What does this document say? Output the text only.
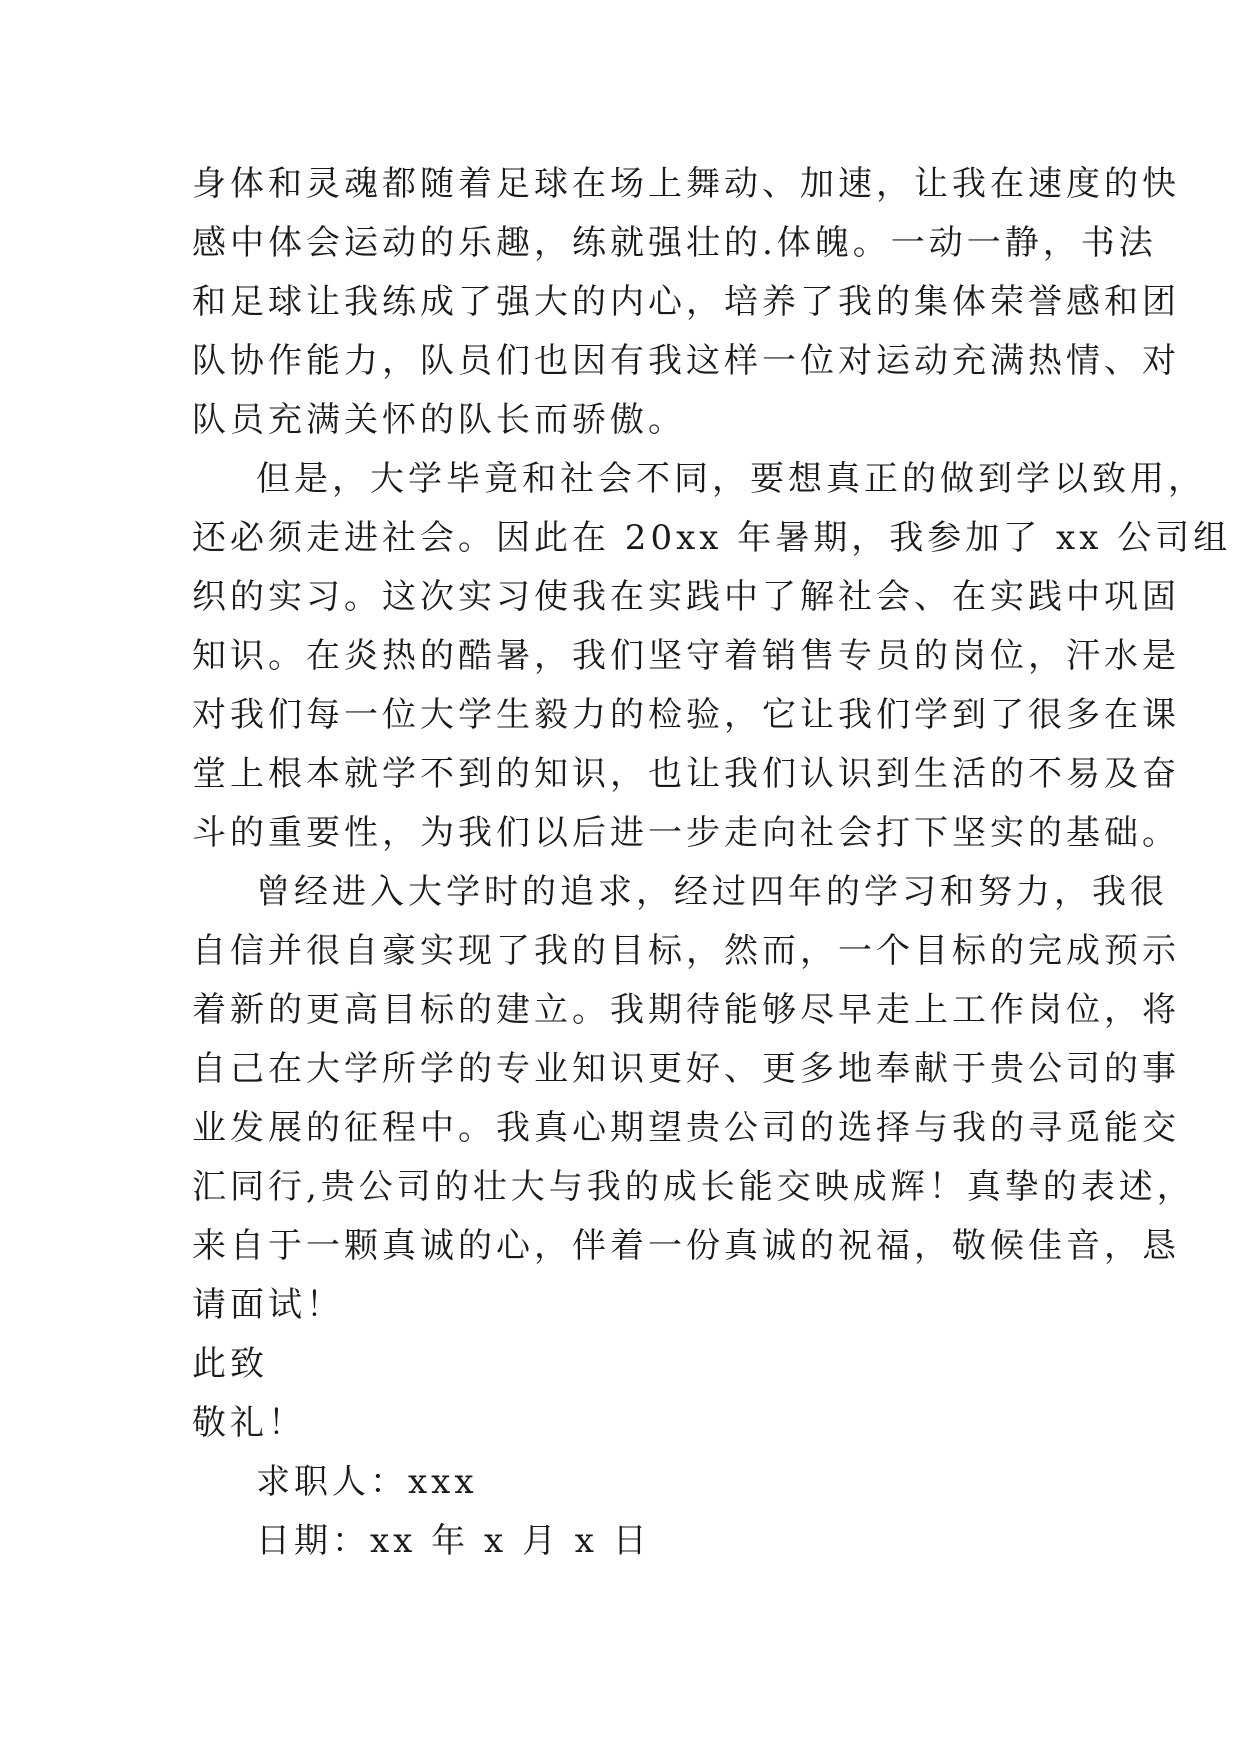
身体和灵魂都随着足球在场上舞动、加速，让我在速度的快
感中体会运动的乐趣，练就强壮的.体魄。一动一静，书法
和足球让我练成了强大的内心，培养了我的集体荣誉感和团
队协作能力，队员们也因有我这样一位对运动充满热情、对
队员充满关怀的队长而骄傲。
但是，大学毕竟和社会不同，要想真正的做到学以致用，
还必须走进社会。因此在 20xx 年暑期，我参加了 xx 公司组
织的实习。这次实习使我在实践中了解社会、在实践中巩固
知识。在炎热的酷暑，我们坚守着销售专员的岗位，汗水是
对我们每一位大学生毅力的检验，它让我们学到了很多在课
堂上根本就学不到的知识，也让我们认识到生活的不易及奋
斗的重要性，为我们以后进一步走向社会打下坚实的基础。
曾经进入大学时的追求，经过四年的学习和努力，我很
自信并很自豪实现了我的目标，然而，一个目标的完成预示
着新的更高目标的建立。我期待能够尽早走上工作岗位，将
自己在大学所学的专业知识更好、更多地奉献于贵公司的事
业发展的征程中。我真心期望贵公司的选择与我的寻觅能交
汇同行,贵公司的壮大与我的成长能交映成辉！真挚的表述，
来自于一颗真诚的心，伴着一份真诚的祝福，敬候佳音，恳
请面试！
此致
敬礼！
求职人：xxx
日期：xx 年 x 月 x 日
